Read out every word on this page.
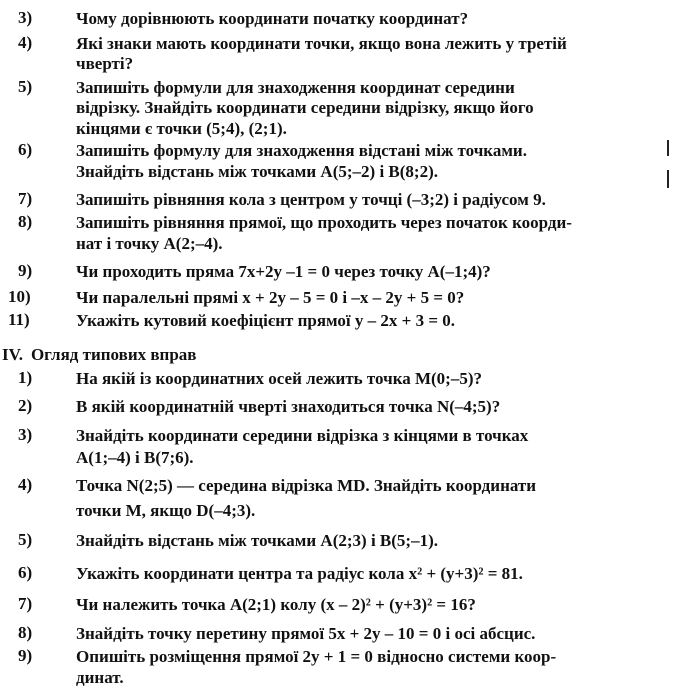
3)	Чому дорівнюють координати початку координат?
4)	Які знаки мають координати точки, якщо вона лежить у третій
чверті?
5)	Запишіть формули для знаходження координат середини
відрізку. Знайдіть координати середини відрізку, якщо його
кінцями є точки (5;4), (2;1).
6)	Запишіть формулу для знаходження відстані між точками.
Знайдіть відстань між точками A(5;–2) і B(8;2).
7)	Запишіть рівняння кола з центром у точці (–3;2) і радіусом 9.
8)	Запишіть рівняння прямої, що проходить через початок коорди-
нат і точку A(2;–4).
9)	Чи проходить пряма 7x+2y –1 = 0 через точку A(–1;4)?
10)	Чи паралельні прямі x + 2y – 5 = 0 і –x – 2y + 5 = 0?
11)	Укажіть кутовий коефіцієнт прямої y – 2x + 3 = 0.
IV. Огляд типових вправ
1)	На якій із координатних осей лежить точка M(0;–5)?
2)	В якій координатній чверті знаходиться точка N(–4;5)?
3)	Знайдіть координати середини відрізка з кінцями в точках
A(1;–4) і B(7;6).
4)	Точка N(2;5) — середина відрізка MD. Знайдіть координати
точки M, якщо D(–4;3).
5)	Знайдіть відстань між точками A(2;3) і B(5;–1).
6)	Укажіть координати центра та радіус кола x² + (y+3)² = 81.
7)	Чи належить точка A(2;1) колу (x – 2)² + (y+3)² = 16?
8)	Знайдіть точку перетину прямої 5x + 2y – 10 = 0 і осі абсцис.
9)	Опишіть розміщення прямої 2y + 1 = 0 відносно системи коор-
динат.
